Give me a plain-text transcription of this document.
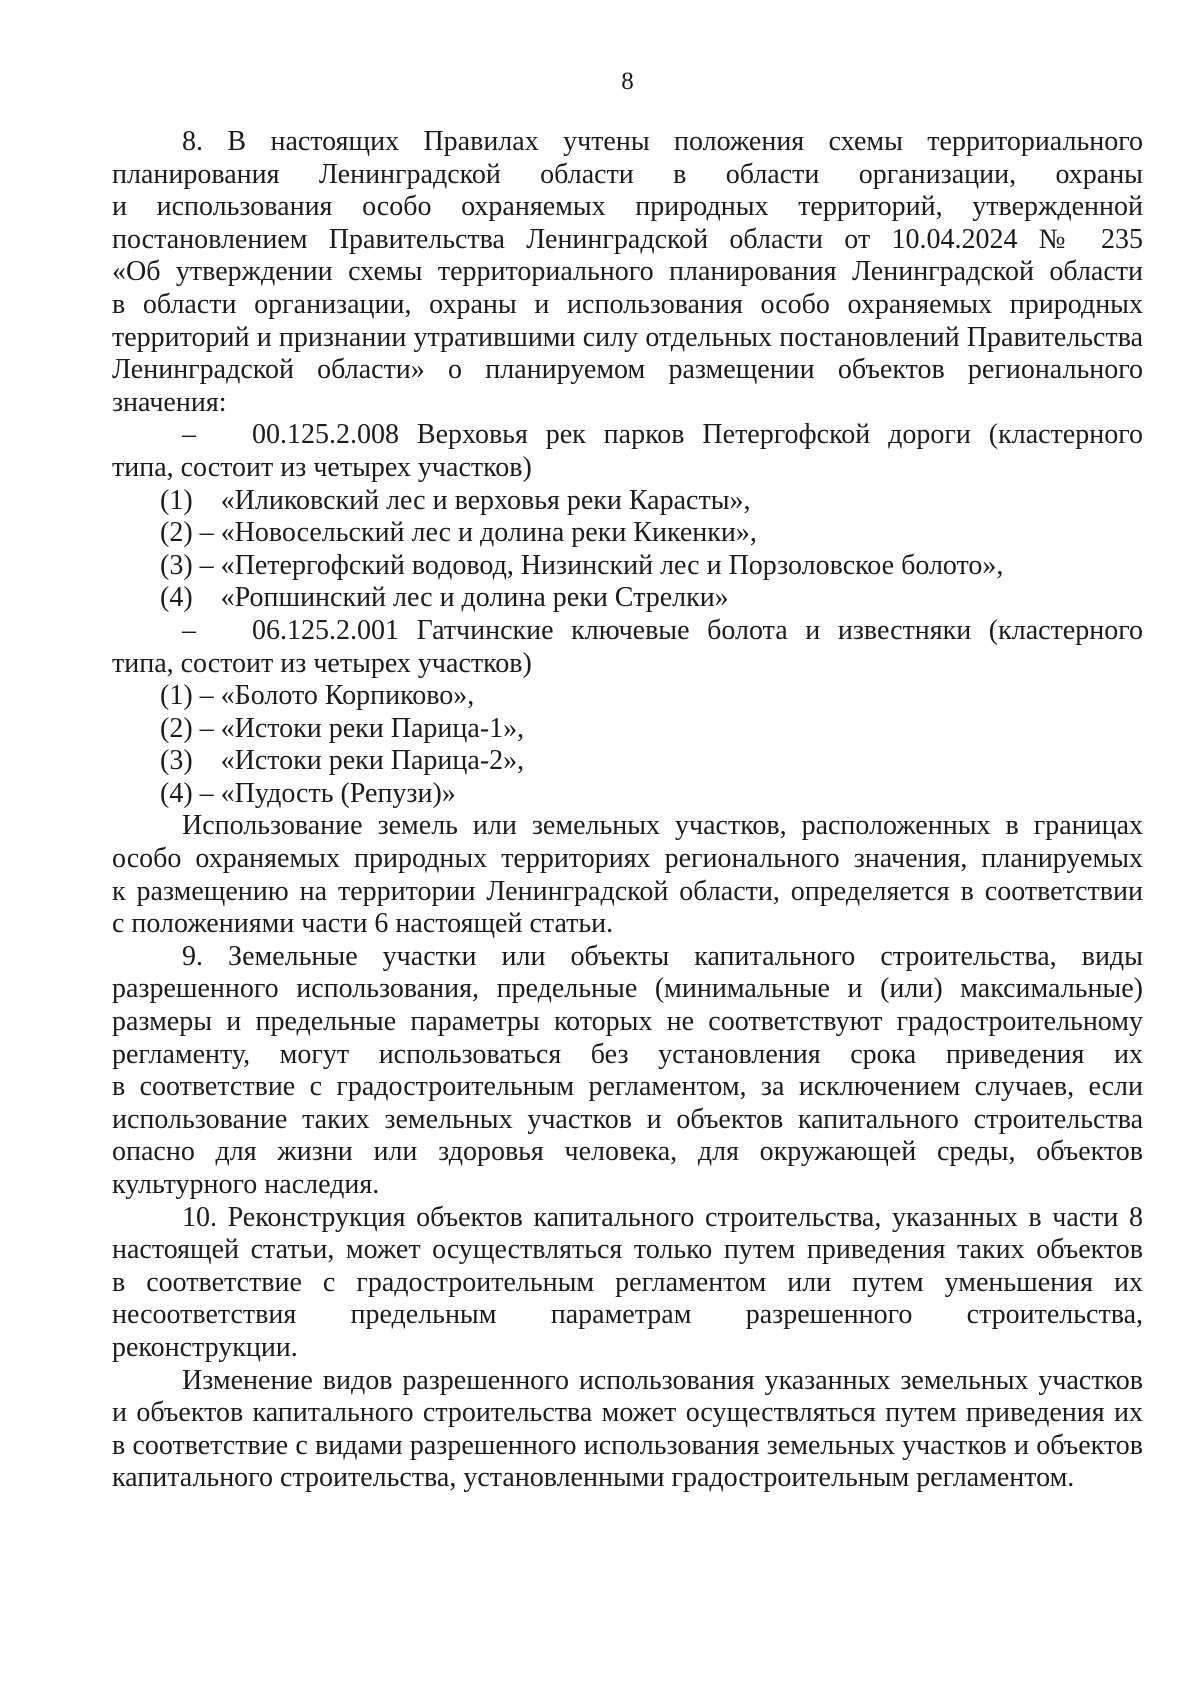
8

8. В настоящих Правилах учтены положения схемы территориального планирования Ленинградской области в области организации, охраны и использования особо охраняемых природных территорий, утвержденной постановлением Правительства Ленинградской области от 10.04.2024 № 235 «Об утверждении схемы территориального планирования Ленинградской области в области организации, охраны и использования особо охраняемых природных территорий и признании утратившими силу отдельных постановлений Правительства Ленинградской области» о планируемом размещении объектов регионального значения:

–  00.125.2.008 Верховья рек парков Петергофской дороги (кластерного типа, состоит из четырех участков)

(1) «Иликовский лес и верховья реки Карасты»,

(2) – «Новосельский лес и долина реки Кикенки»,

(3) – «Петергофский водовод, Низинский лес и Порзоловское болото»,

(4) «Ропшинский лес и долина реки Стрелки»

–  06.125.2.001 Гатчинские ключевые болота и известняки (кластерного типа, состоит из четырех участков)

(1) – «Болото Корпиково»,

(2) – «Истоки реки Парица-1»,

(3) «Истоки реки Парица-2»,

(4) – «Пудость (Репузи)»

Использование земель или земельных участков, расположенных в границах особо охраняемых природных территориях регионального значения, планируемых к размещению на территории Ленинградской области, определяется в соответствии с положениями части 6 настоящей статьи.

9. Земельные участки или объекты капитального строительства, виды разрешенного использования, предельные (минимальные и (или) максимальные) размеры и предельные параметры которых не соответствуют градостроительному регламенту, могут использоваться без установления срока приведения их в соответствие с градостроительным регламентом, за исключением случаев, если использование таких земельных участков и объектов капитального строительства опасно для жизни или здоровья человека, для окружающей среды, объектов культурного наследия.

10. Реконструкция объектов капитального строительства, указанных в части 8 настоящей статьи, может осуществляться только путем приведения таких объектов в соответствие с градостроительным регламентом или путем уменьшения их несоответствия предельным параметрам разрешенного строительства, реконструкции.

Изменение видов разрешенного использования указанных земельных участков и объектов капитального строительства может осуществляться путем приведения их в соответствие с видами разрешенного использования земельных участков и объектов капитального строительства, установленными градостроительным регламентом.
